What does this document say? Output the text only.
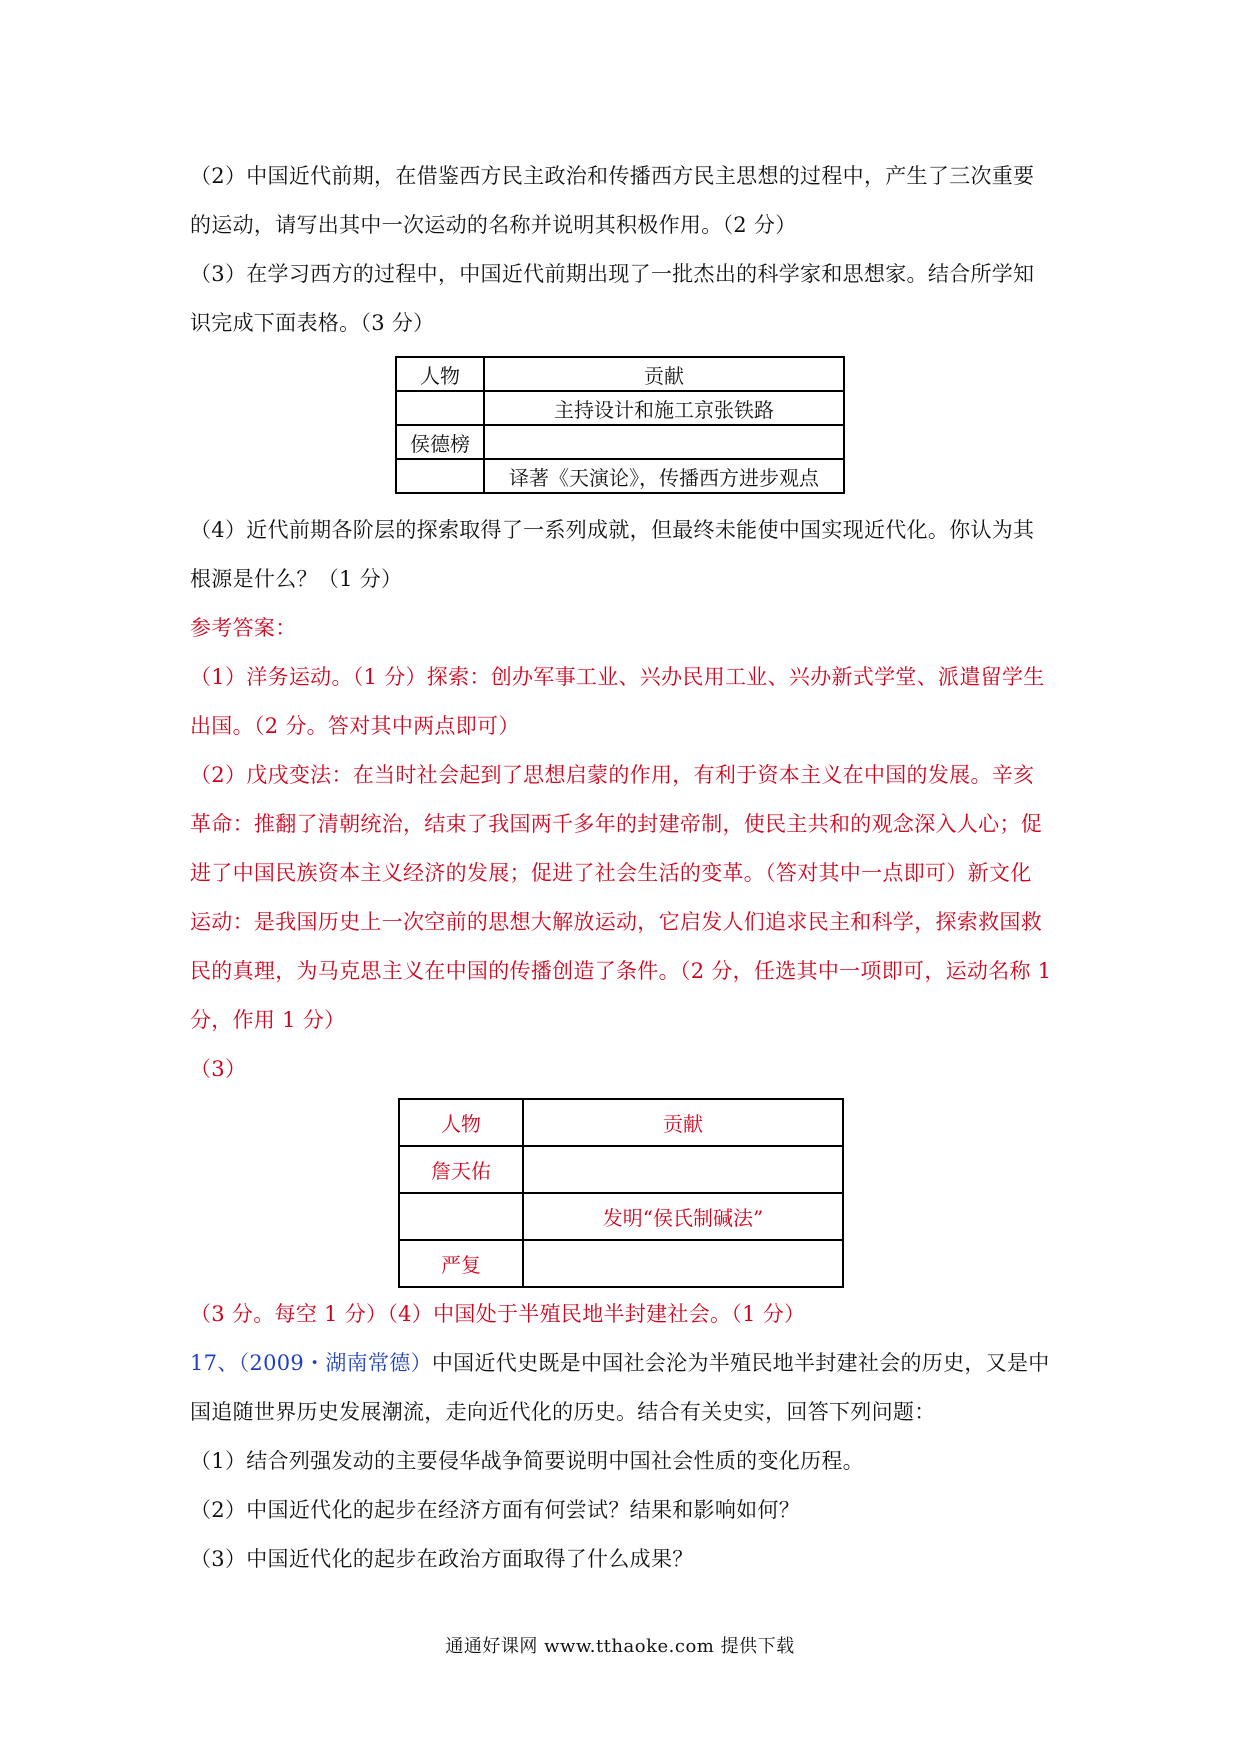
（2）中国近代前期，在借鉴西方民主政治和传播西方民主思想的过程中，产生了三次重要
的运动，请写出其中一次运动的名称并说明其积极作用。（2 分）
（3）在学习西方的过程中，中国近代前期出现了一批杰出的科学家和思想家。结合所学知
识完成下面表格。（3 分）
人物	贡献
	主持设计和施工京张铁路
侯德榜	
	译著《天演论》，传播西方进步观点
（4）近代前期各阶层的探索取得了一系列成就，但最终未能使中国实现近代化。你认为其
根源是什么？（1 分）
参考答案：
（1）洋务运动。（1 分）探索：创办军事工业、兴办民用工业、兴办新式学堂、派遣留学生
出国。（2 分。答对其中两点即可）
（2）戊戌变法：在当时社会起到了思想启蒙的作用，有利于资本主义在中国的发展。辛亥
革命：推翻了清朝统治，结束了我国两千多年的封建帝制，使民主共和的观念深入人心；促
进了中国民族资本主义经济的发展；促进了社会生活的变革。（答对其中一点即可）新文化
运动：是我国历史上一次空前的思想大解放运动，它启发人们追求民主和科学，探索救国救
民的真理，为马克思主义在中国的传播创造了条件。（2 分，任选其中一项即可，运动名称 1
分，作用 1 分）
（3）
人物	贡献
詹天佑	
	发明“侯氏制碱法”
严复	
（3 分。每空 1 分）（4）中国处于半殖民地半封建社会。（1 分）
17、（2009・湖南常德）中国近代史既是中国社会沦为半殖民地半封建社会的历史，又是中
国追随世界历史发展潮流，走向近代化的历史。结合有关史实，回答下列问题：
（1）结合列强发动的主要侵华战争简要说明中国社会性质的变化历程。
（2）中国近代化的起步在经济方面有何尝试？结果和影响如何？
（3）中国近代化的起步在政治方面取得了什么成果？
通通好课网 www.tthaoke.com 提供下载
